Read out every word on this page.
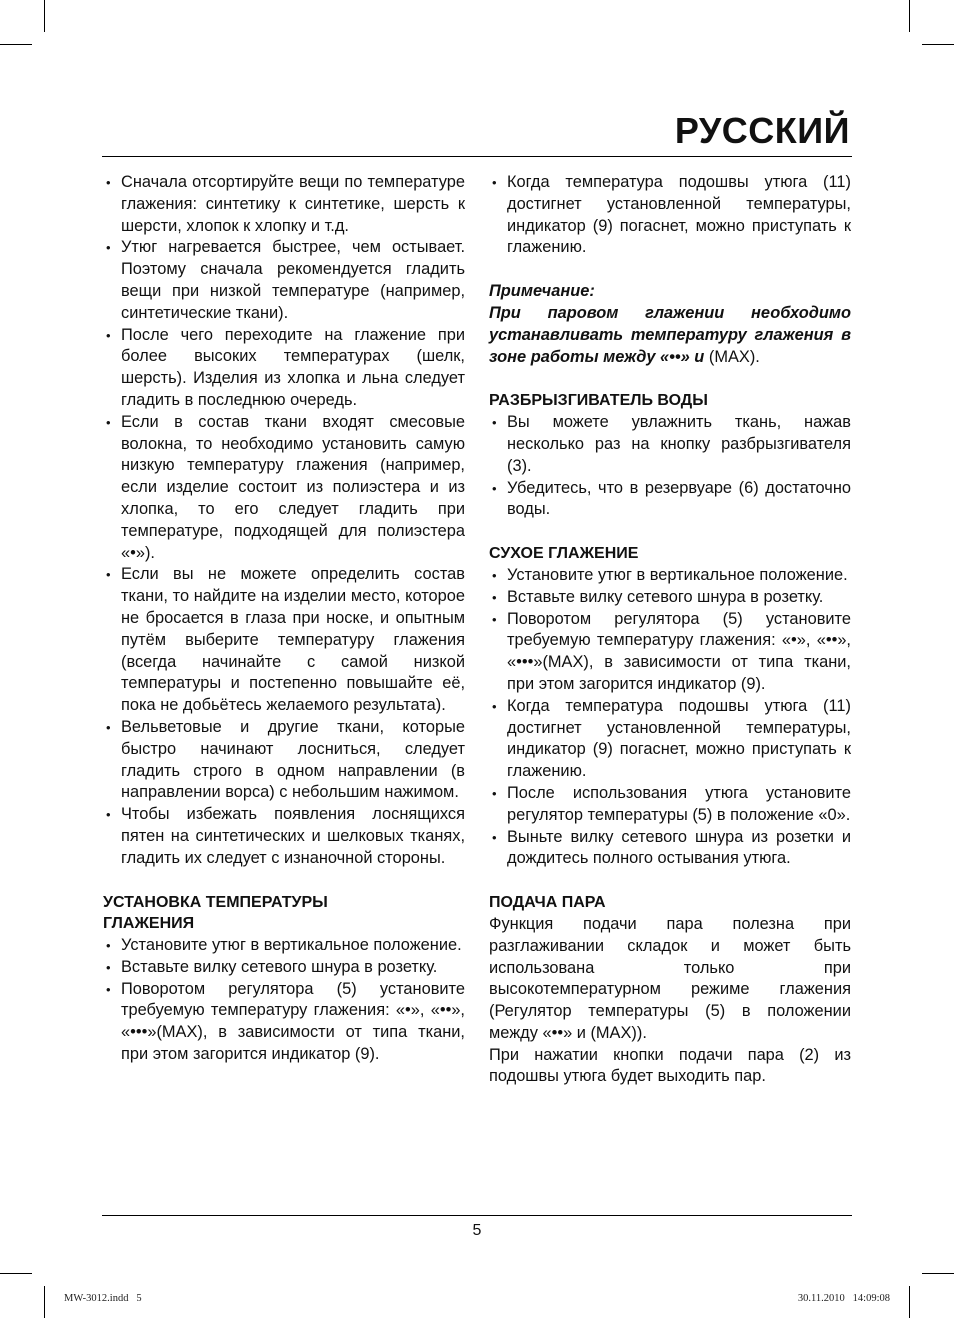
РУССКИЙ
• Сначала отсортируйте вещи по температуре глажения: синтетику к синтетике, шерсть к шерсти, хлопок к хлопку и т.д.
• Утюг нагревается быстрее, чем остывает. Поэтому сначала рекомендуется гладить вещи при низкой температуре (например, синтетические ткани).
• После чего переходите на глажение при более высоких температурах (шелк, шерсть). Изделия из хлопка и льна следует гладить в последнюю очередь.
• Если в состав ткани входят смесовые волокна, то необходимо установить самую низкую температуру глажения (например, если изделие состоит из полиэстера и из хлопка, то его следует гладить при температуре, подходящей для полиэстера «•»).
• Если вы не можете определить состав ткани, то найдите на изделии место, которое не бросается в глаза при носке, и опытным путём выберите температуру глажения (всегда начинайте с самой низкой температуры и постепенно повышайте её, пока не добьётесь желаемого результата).
• Вельветовые и другие ткани, которые быстро начинают лосниться, следует гладить строго в одном направлении (в направлении ворса) с небольшим нажимом.
• Чтобы избежать появления лоснящихся пятен на синтетических и шелковых тканях, гладить их следует с изнаночной стороны.
УСТАНОВКА ТЕМПЕРАТУРЫ ГЛАЖЕНИЯ
• Установите утюг в вертикальное положение.
• Вставьте вилку сетевого шнура в розетку.
• Поворотом регулятора (5) установите требуемую температуру глажения: «•», «••», «•••»(MAX), в зависимости от типа ткани, при этом загорится индикатор (9).
• Когда температура подошвы утюга (11) достигнет установленной температуры, индикатор (9) погаснет, можно приступать к глажению.
Примечание:
При паровом глажении необходимо устанавливать температуру глажения в зоне работы между «••» и (MAX).
РАЗБРЫЗГИВАТЕЛЬ ВОДЫ
• Вы можете увлажнить ткань, нажав несколько раз на кнопку разбрызгивателя (3).
• Убедитесь, что в резервуаре (6) достаточно воды.
СУХОЕ ГЛАЖЕНИЕ
• Установите утюг в вертикальное положение.
• Вставьте вилку сетевого шнура в розетку.
• Поворотом регулятора (5) установите требуемую температуру глажения: «•», «••», «•••»(MAX), в зависимости от типа ткани, при этом загорится индикатор (9).
• Когда температура подошвы утюга (11) достигнет установленной температуры, индикатор (9) погаснет, можно приступать к глажению.
• После использования утюга установите регулятор температуры (5) в положение «0».
• Выньте вилку сетевого шнура из розетки и дождитесь полного остывания утюга.
ПОДАЧА ПАРА
Функция подачи пара полезна при разглаживании складок и может быть использована только при высокотемпературном режиме глажения (Регулятор температуры (5) в положении между «••» и (MAX)).
При нажатии кнопки подачи пара (2) из подошвы утюга будет выходить пар.
5
MW-3012.indd   5	30.11.2010   14:09:08
